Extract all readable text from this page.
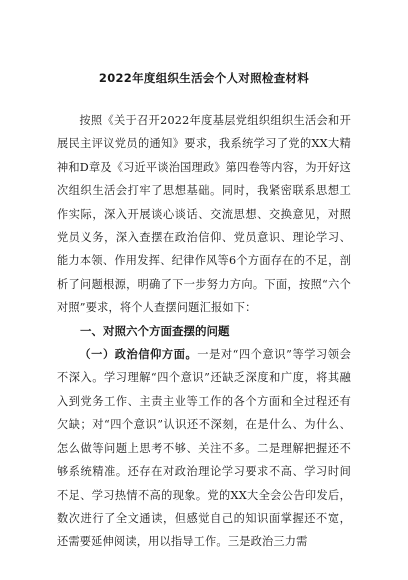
2022年度组织生活会个人对照检查材料

按照《关于召开2022年度基层党组织组织生活会和开展民主评议党员的通知》要求，我系统学习了党的XX大精神和D章及《习近平谈治国理政》第四卷等内容，为开好这次组织生活会打牢了思想基础。同时，我紧密联系思想工作实际，深入开展谈心谈话、交流思想、交换意见，对照党员义务，深入查摆在政治信仰、党员意识、理论学习、能力本领、作用发挥、纪律作风等6个方面存在的不足，剖析了问题根源，明确了下一步努力方向。下面，按照“六个对照”要求，将个人查摆问题汇报如下：

一、对照六个方面查摆的问题

（一）政治信仰方面。一是对“四个意识”等学习领会不深入。学习理解“四个意识”还缺乏深度和广度，将其融入到党务工作、主责主业等工作的各个方面和全过程还有欠缺；对“四个意识”认识还不深刻，在是什么、为什么、怎么做等问题上思考不够、关注不多。二是理解把握还不够系统精准。还存在对政治理论学习要求不高、学习时间不足、学习热情不高的现象。党的XX大全会公告印发后，数次进行了全文通读，但感觉自己的知识面掌握还不宽，还需要延伸阅读，用以指导工作。三是政治三力需
